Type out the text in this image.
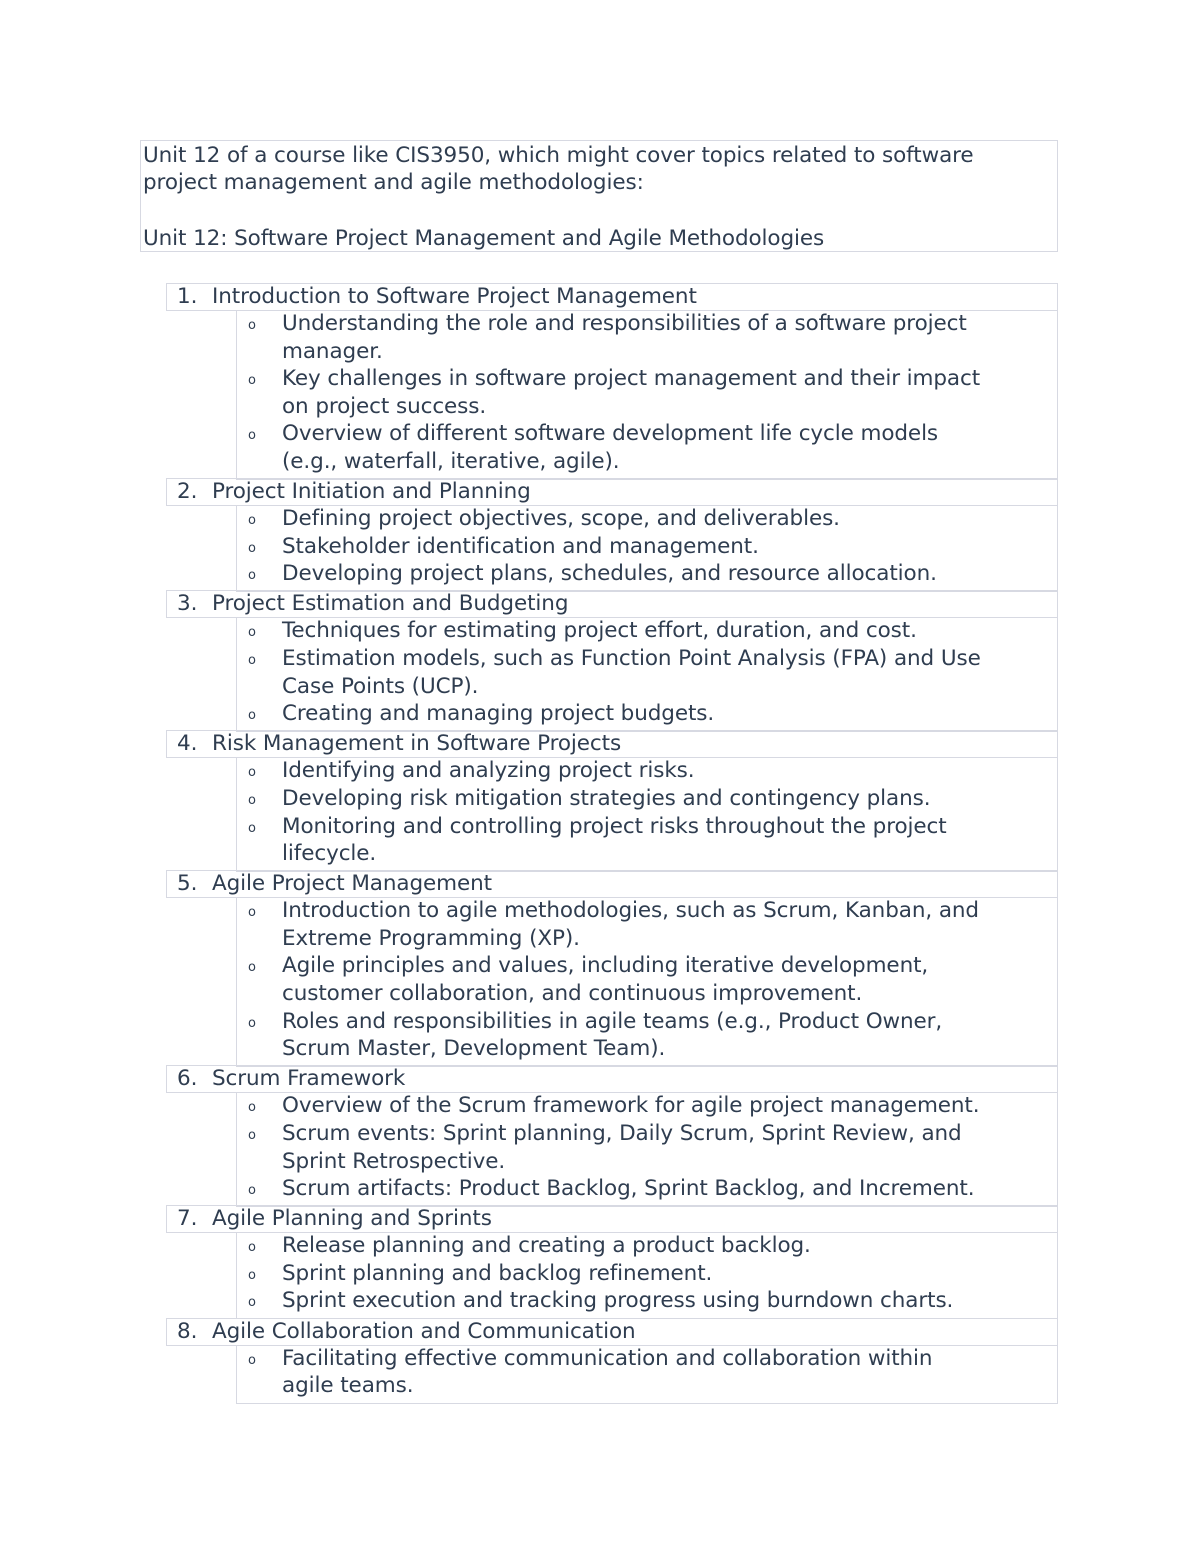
Unit 12 of a course like CIS3950, which might cover topics related to software
project management and agile methodologies:
Unit 12: Software Project Management and Agile Methodologies
1. Introduction to Software Project Management
o Understanding the role and responsibilities of a software project
manager.
o Key challenges in software project management and their impact
on project success.
o Overview of different software development life cycle models
(e.g., waterfall, iterative, agile).
2. Project Initiation and Planning
o Defining project objectives, scope, and deliverables.
o Stakeholder identification and management.
o Developing project plans, schedules, and resource allocation.
3. Project Estimation and Budgeting
o Techniques for estimating project effort, duration, and cost.
o Estimation models, such as Function Point Analysis (FPA) and Use
Case Points (UCP).
o Creating and managing project budgets.
4. Risk Management in Software Projects
o Identifying and analyzing project risks.
o Developing risk mitigation strategies and contingency plans.
o Monitoring and controlling project risks throughout the project
lifecycle.
5. Agile Project Management
o Introduction to agile methodologies, such as Scrum, Kanban, and
Extreme Programming (XP).
o Agile principles and values, including iterative development,
customer collaboration, and continuous improvement.
o Roles and responsibilities in agile teams (e.g., Product Owner,
Scrum Master, Development Team).
6. Scrum Framework
o Overview of the Scrum framework for agile project management.
o Scrum events: Sprint planning, Daily Scrum, Sprint Review, and
Sprint Retrospective.
o Scrum artifacts: Product Backlog, Sprint Backlog, and Increment.
7. Agile Planning and Sprints
o Release planning and creating a product backlog.
o Sprint planning and backlog refinement.
o Sprint execution and tracking progress using burndown charts.
8. Agile Collaboration and Communication
o Facilitating effective communication and collaboration within
agile teams.
